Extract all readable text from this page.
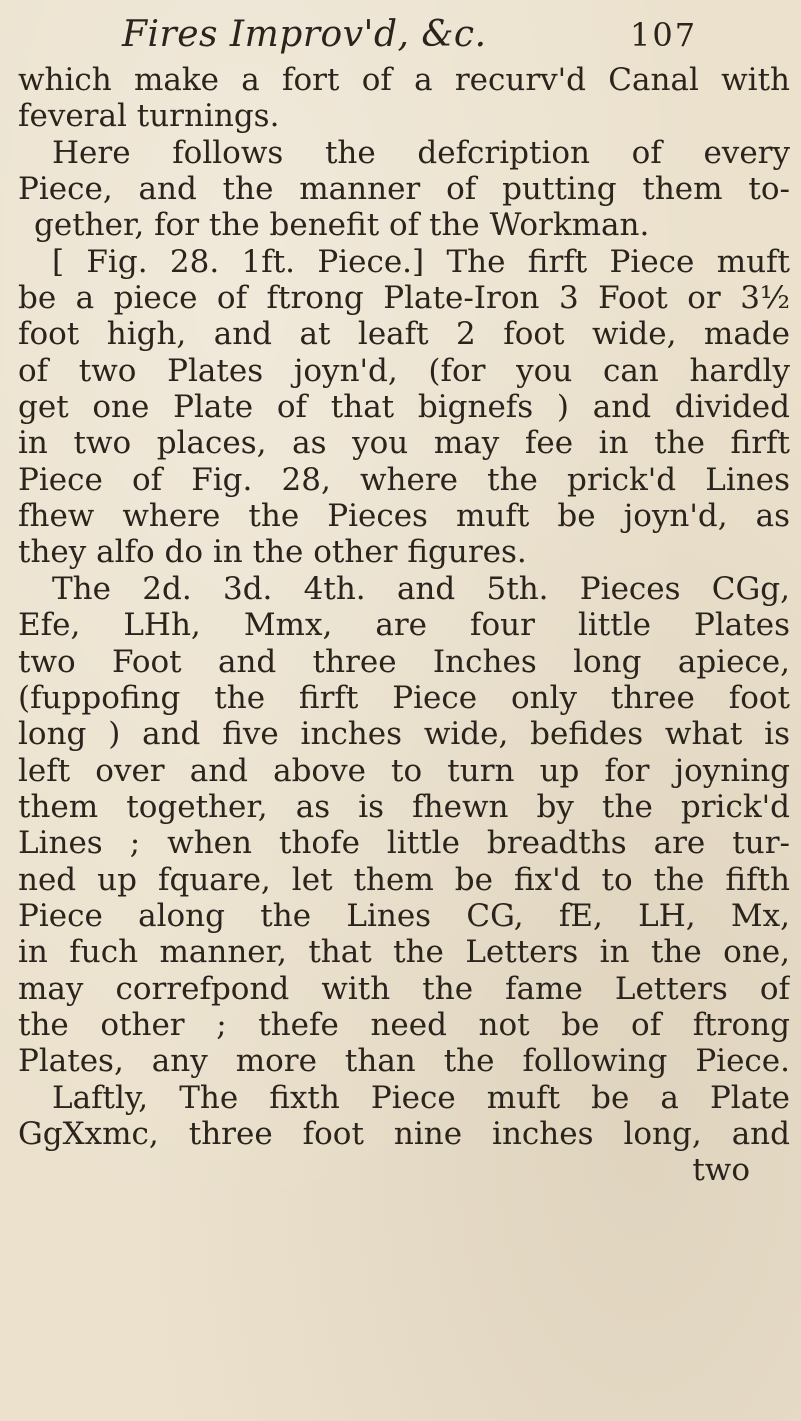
Fires Improv'd, &c.	107
which make a fort of a recurv'd Canal with
feveral turnings.
Here follows the defcription of every
Piece, and the manner of putting them to-
gether, for the benefit of the Workman.
[ Fig. 28. 1ft. Piece.] The firft Piece muft
be a piece of ftrong Plate-Iron 3 Foot or 3½
foot high, and at leaft 2 foot wide, made
of two Plates joyn'd, (for you can hardly
get one Plate of that bignefs ) and divided
in two places, as you may fee in the firft
Piece of Fig. 28, where the prick'd Lines
fhew where the Pieces muft be joyn'd, as
they alfo do in the other figures.
The 2d. 3d. 4th. and 5th. Pieces CGg,
Efe, LHh, Mmx, are four little Plates
two Foot and three Inches long apiece,
(fuppofing the firft Piece only three foot
long ) and five inches wide, befides what is
left over and above to turn up for joyning
them together, as is fhewn by the prick'd
Lines ; when thofe little breadths are tur-
ned up fquare, let them be fix'd to the fifth
Piece along the Lines CG, fE, LH, Mx,
in fuch manner, that the Letters in the one,
may correfpond with the fame Letters of
the other ; thefe need not be of ftrong
Plates, any more than the following Piece.
Laftly, The fixth Piece muft be a Plate
GgXxmc, three foot nine inches long, and
two
